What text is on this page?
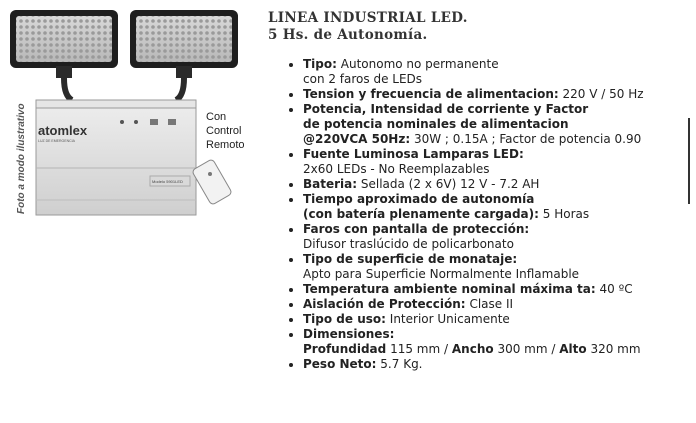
atomlex
LUZ DE EMERGENCIA
Modelo 5901LED
Con
Control
Remoto
Foto a modo ilustrativo
LINEA INDUSTRIAL LED.
5 Hs. de Autonomía.
• Tipo: Autonomo no permanente
con 2 faros de LEDs
• Tension y frecuencia de alimentacion: 220 V / 50 Hz
• Potencia, Intensidad de corriente y Factor
de potencia nominales de alimentacion
@220VCA 50Hz: 30W ; 0.15A ; Factor de potencia 0.90
• Fuente Luminosa Lamparas LED:
2x60 LEDs - No Reemplazables
• Bateria: Sellada (2 x 6V) 12 V - 7.2 AH
• Tiempo aproximado de autonomía
(con batería plenamente cargada): 5 Horas
• Faros con pantalla de protección:
Difusor traslúcido de policarbonato
• Tipo de superficie de monataje:
Apto para Superficie Normalmente Inflamable
• Temperatura ambiente nominal máxima ta: 40 ºC
• Aislación de Protección: Clase II
• Tipo de uso: Interior Unicamente
• Dimensiones:
Profundidad 115 mm / Ancho 300 mm / Alto 320 mm
• Peso Neto: 5.7 Kg.
